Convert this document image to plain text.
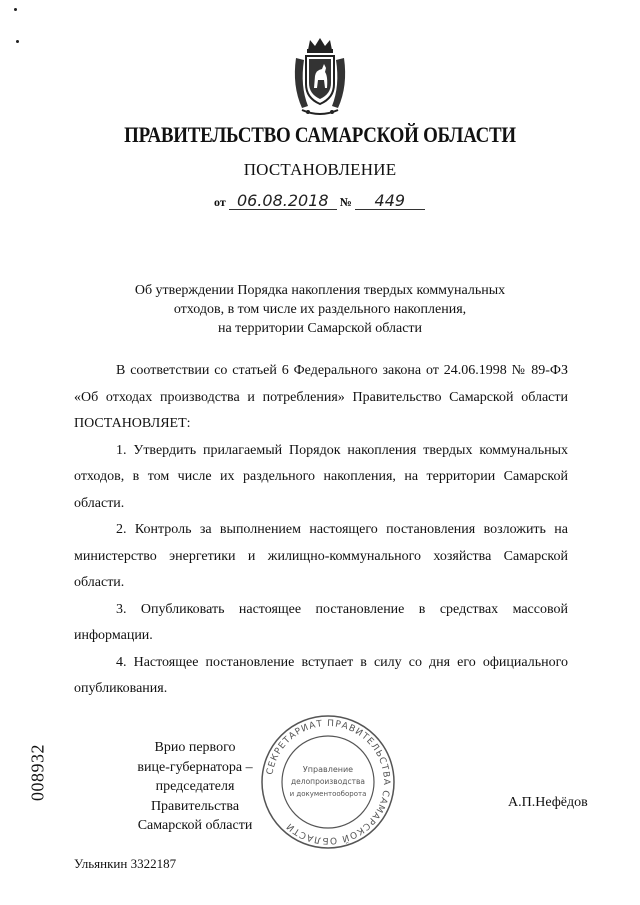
ПРАВИТЕЛЬСТВО САМАРСКОЙ ОБЛАСТИ
ПОСТАНОВЛЕНИЕ
от 06.08.2018 № 449
Об утверждении Порядка накопления твердых коммунальных
отходов, в том числе их раздельного накопления,
на территории Самарской области

В соответствии со статьей 6 Федерального закона от 24.06.1998 № 89-ФЗ «Об отходах производства и потребления» Правительство Самарской области ПОСТАНОВЛЯЕТ:

1. Утвердить прилагаемый Порядок накопления твердых коммунальных отходов, в том числе их раздельного накопления, на территории Самарской области.

2. Контроль за выполнением настоящего постановления возложить на министерство энергетики и жилищно-коммунального хозяйства Самарской области.

3. Опубликовать настоящее постановление в средствах массовой информации.

4. Настоящее постановление вступает в силу со дня его официального опубликования.

008932	Врио первого
вице-губернатора –
председателя Правительства
Самарской области
СЕКРЕТАРИАТ ПРАВИТЕЛЬСТВА САМАРСКОЙ ОБЛАСТИ
Управление
делопроизводства
и документооборота
А.П.Нефёдов
Ульянкин 3322187
